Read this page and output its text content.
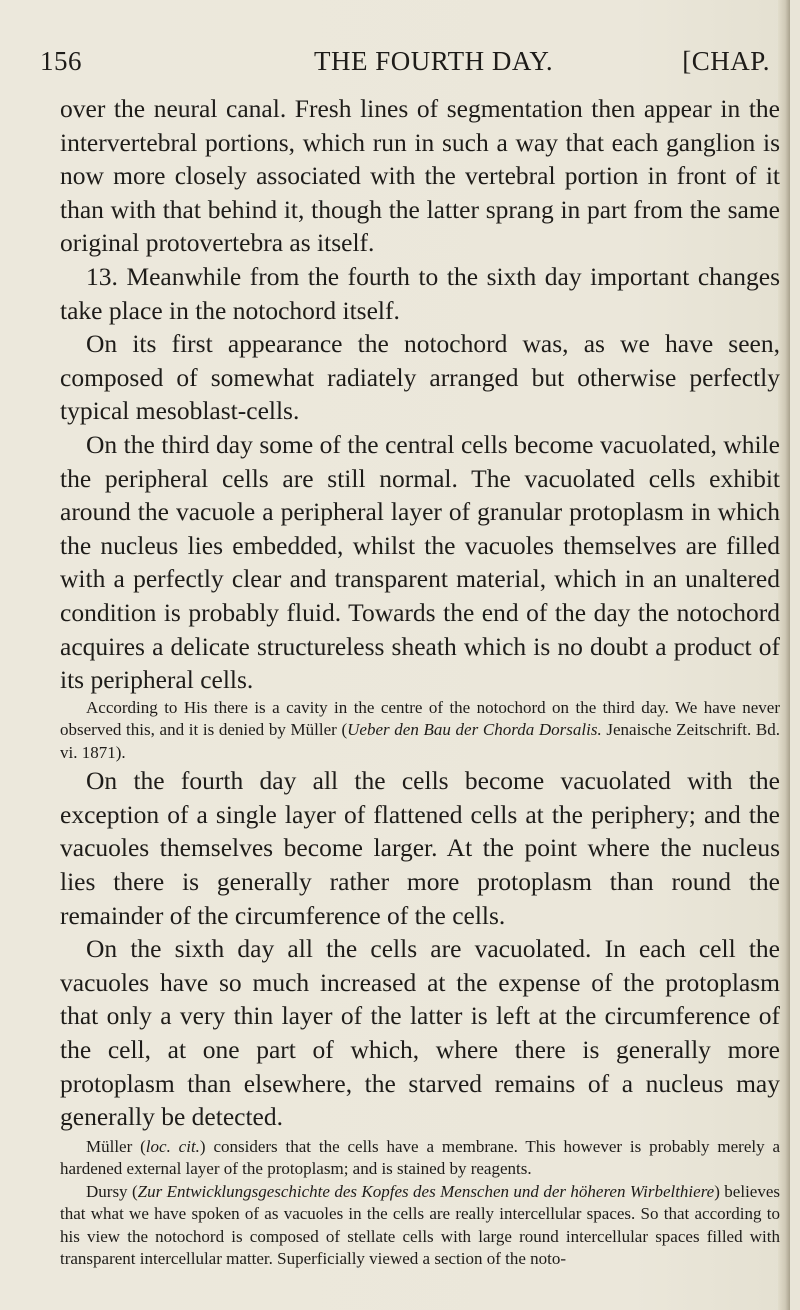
156	THE FOURTH DAY.	[CHAP.

over the neural canal. Fresh lines of segmentation then appear in the intervertebral portions, which run in such a way that each ganglion is now more closely associated with the vertebral portion in front of it than with that behind it, though the latter sprang in part from the same original protovertebra as itself.

13. Meanwhile from the fourth to the sixth day important changes take place in the notochord itself.

On its first appearance the notochord was, as we have seen, composed of somewhat radiately arranged but otherwise perfectly typical mesoblast-cells.

On the third day some of the central cells become vacuolated, while the peripheral cells are still normal. The vacuolated cells exhibit around the vacuole a peripheral layer of granular protoplasm in which the nucleus lies embedded, whilst the vacuoles themselves are filled with a perfectly clear and transparent material, which in an unaltered condition is probably fluid. Towards the end of the day the notochord acquires a delicate structureless sheath which is no doubt a product of its peripheral cells.

According to His there is a cavity in the centre of the notochord on the third day. We have never observed this, and it is denied by Müller (Ueber den Bau der Chorda Dorsalis. Jenaische Zeitschrift. Bd. vi. 1871).

On the fourth day all the cells become vacuolated with the exception of a single layer of flattened cells at the periphery; and the vacuoles themselves become larger. At the point where the nucleus lies there is generally rather more protoplasm than round the remainder of the circumference of the cells.

On the sixth day all the cells are vacuolated. In each cell the vacuoles have so much increased at the expense of the protoplasm that only a very thin layer of the latter is left at the circumference of the cell, at one part of which, where there is generally more protoplasm than elsewhere, the starved remains of a nucleus may generally be detected.

Müller (loc. cit.) considers that the cells have a membrane. This however is probably merely a hardened external layer of the protoplasm; and is stained by reagents.

Dursy (Zur Entwicklungsgeschichte des Kopfes des Menschen und der höheren Wirbelthiere) believes that what we have spoken of as vacuoles in the cells are really intercellular spaces. So that according to his view the notochord is composed of stellate cells with large round intercellular spaces filled with transparent intercellular matter. Superficially viewed a section of the noto-
